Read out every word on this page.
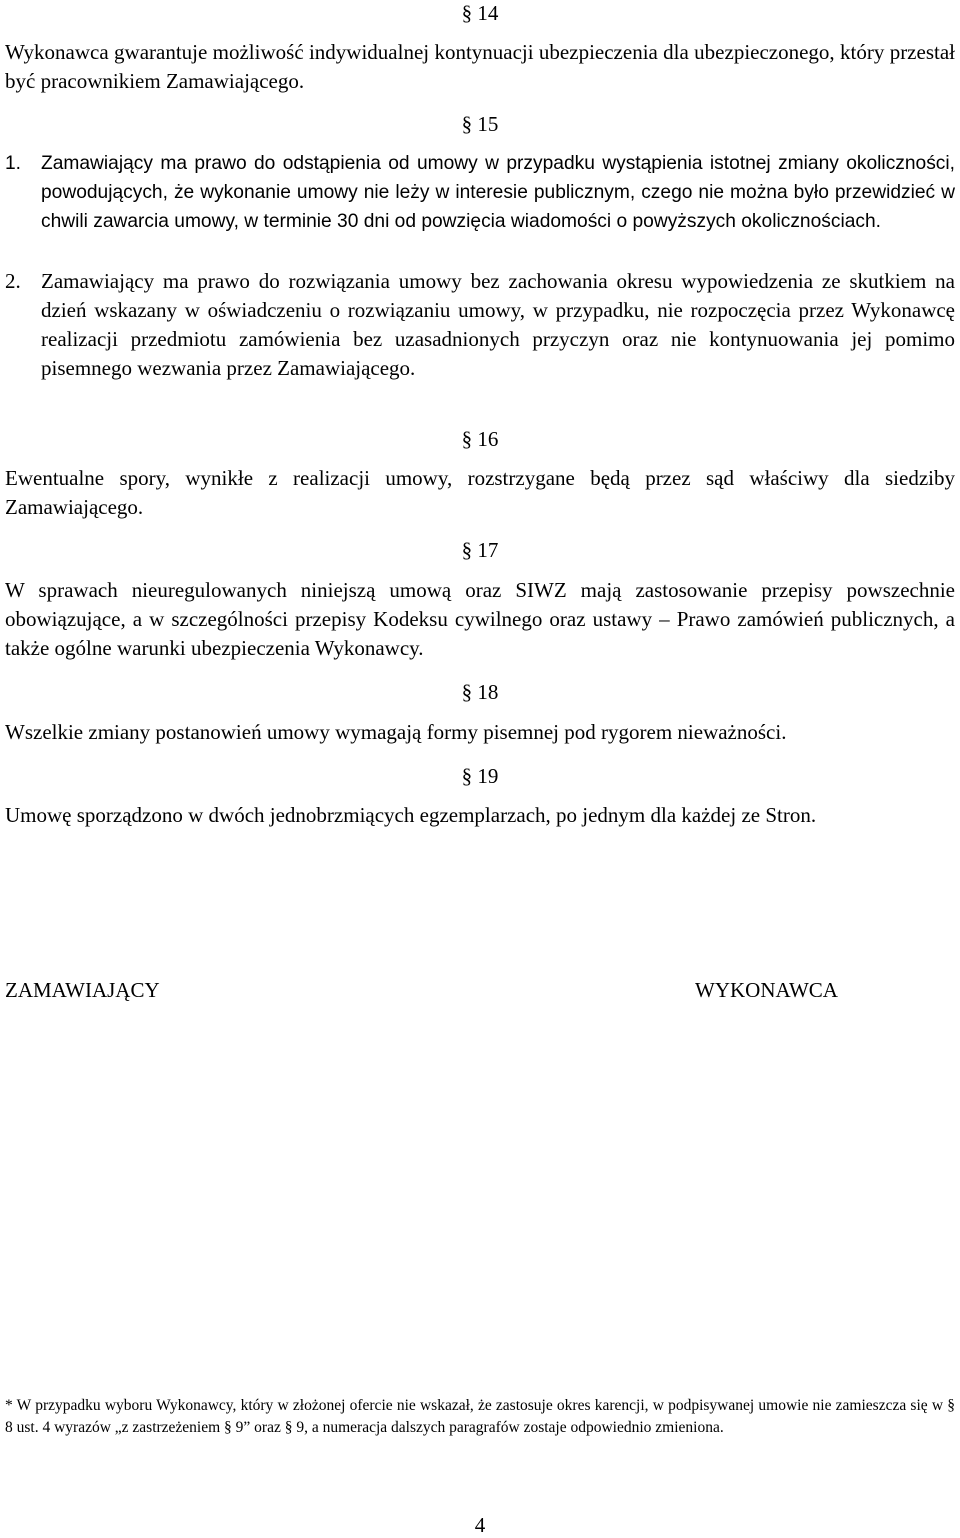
§ 14
Wykonawca gwarantuje możliwość indywidualnej kontynuacji ubezpieczenia dla ubezpieczonego, który przestał być pracownikiem Zamawiającego.
§ 15
1. Zamawiający ma prawo do odstąpienia od umowy w przypadku wystąpienia istotnej zmiany okoliczności, powodujących, że wykonanie umowy nie leży w interesie publicznym, czego nie można było przewidzieć w chwili zawarcia umowy, w terminie 30 dni od powzięcia wiadomości o powyższych okolicznościach.
2. Zamawiający ma prawo do rozwiązania umowy bez zachowania okresu wypowiedzenia ze skutkiem na dzień wskazany w oświadczeniu o rozwiązaniu umowy, w przypadku, nie rozpoczęcia przez Wykonawcę realizacji przedmiotu zamówienia bez uzasadnionych przyczyn oraz nie kontynuowania jej pomimo pisemnego wezwania przez Zamawiającego.
§ 16
Ewentualne spory, wynikłe z realizacji umowy, rozstrzygane będą przez sąd właściwy dla siedziby Zamawiającego.
§ 17
W sprawach nieuregulowanych niniejszą umową oraz SIWZ mają zastosowanie przepisy powszechnie obowiązujące, a w szczególności przepisy Kodeksu cywilnego oraz ustawy – Prawo zamówień publicznych, a także ogólne warunki ubezpieczenia Wykonawcy.
§ 18
Wszelkie zmiany postanowień umowy wymagają formy pisemnej pod rygorem nieważności.
§ 19
Umowę sporządzono w dwóch jednobrzmiących egzemplarzach, po jednym dla każdej ze Stron.
ZAMAWIAJĄCY	WYKONAWCA
* W przypadku wyboru Wykonawcy, który w złożonej ofercie nie wskazał, że zastosuje okres karencji, w podpisywanej umowie nie zamieszcza się w § 8 ust. 4 wyrazów „z zastrzeżeniem § 9” oraz § 9, a numeracja dalszych paragrafów zostaje odpowiednio zmieniona.
4
